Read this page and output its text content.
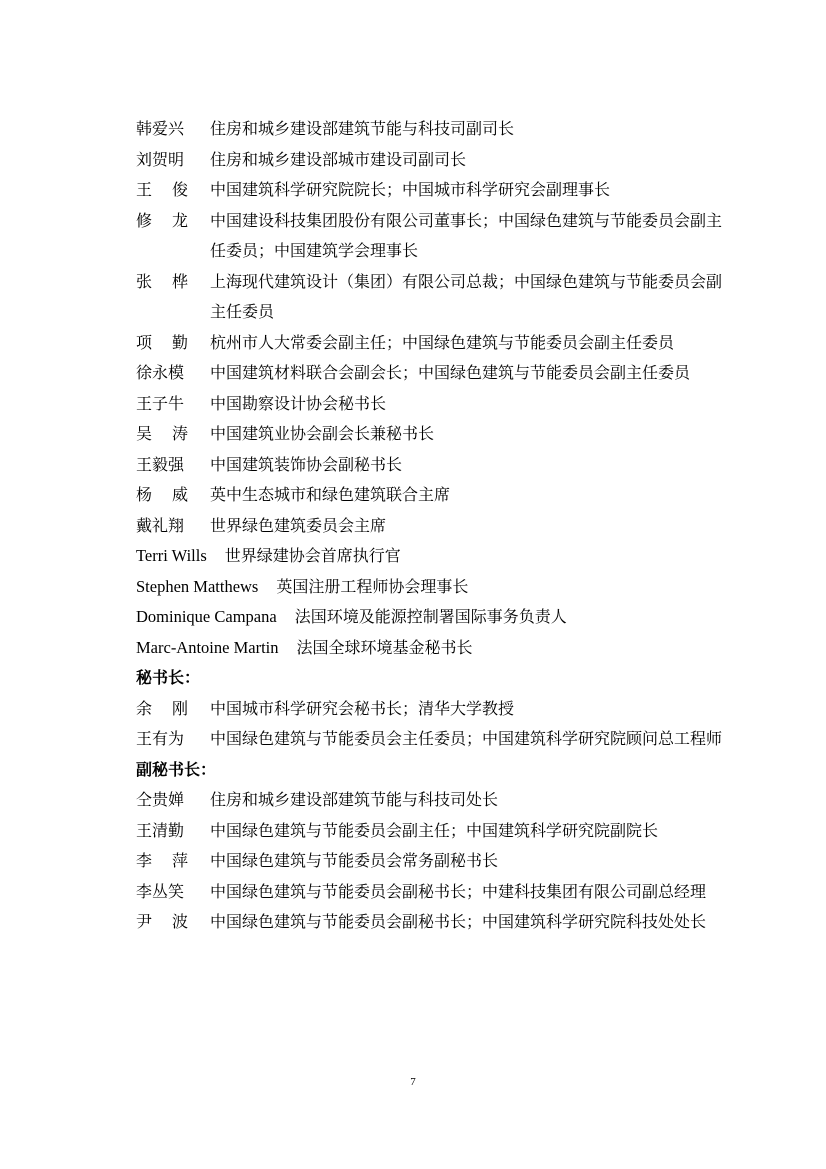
韩爱兴	住房和城乡建设部建筑节能与科技司副司长
刘贺明	住房和城乡建设部城市建设司副司长
王俊 中国建筑科学研究院院长；中国城市科学研究会副理事长
修龙 中国建设科技集团股份有限公司董事长；中国绿色建筑与节能委员会副主任委员；中国建筑学会理事长
张桦 上海现代建筑设计（集团）有限公司总裁；中国绿色建筑与节能委员会副主任委员
项勤 杭州市人大常委会副主任；中国绿色建筑与节能委员会副主任委员
徐永模	中国建筑材料联合会副会长；中国绿色建筑与节能委员会副主任委员
王子牛	中国勘察设计协会秘书长
吴涛 中国建筑业协会副会长兼秘书长
王毅强	中国建筑装饰协会副秘书长
杨威 英中生态城市和绿色建筑联合主席
戴礼翔	世界绿色建筑委员会主席
Terri Wills 世界绿建协会首席执行官
Stephen Matthews 英国注册工程师协会理事长
Dominique Campana 法国环境及能源控制署国际事务负责人
Marc-Antoine Martin 法国全球环境基金秘书长
秘书长：
余刚 中国城市科学研究会秘书长；清华大学教授
王有为	中国绿色建筑与节能委员会主任委员；中国建筑科学研究院顾问总工程师
副秘书长：
仝贵婵	住房和城乡建设部建筑节能与科技司处长
王清勤	中国绿色建筑与节能委员会副主任；中国建筑科学研究院副院长
李萍 中国绿色建筑与节能委员会常务副秘书长
李丛笑	中国绿色建筑与节能委员会副秘书长；中建科技集团有限公司副总经理
尹波 中国绿色建筑与节能委员会副秘书长；中国建筑科学研究院科技处处长
7
